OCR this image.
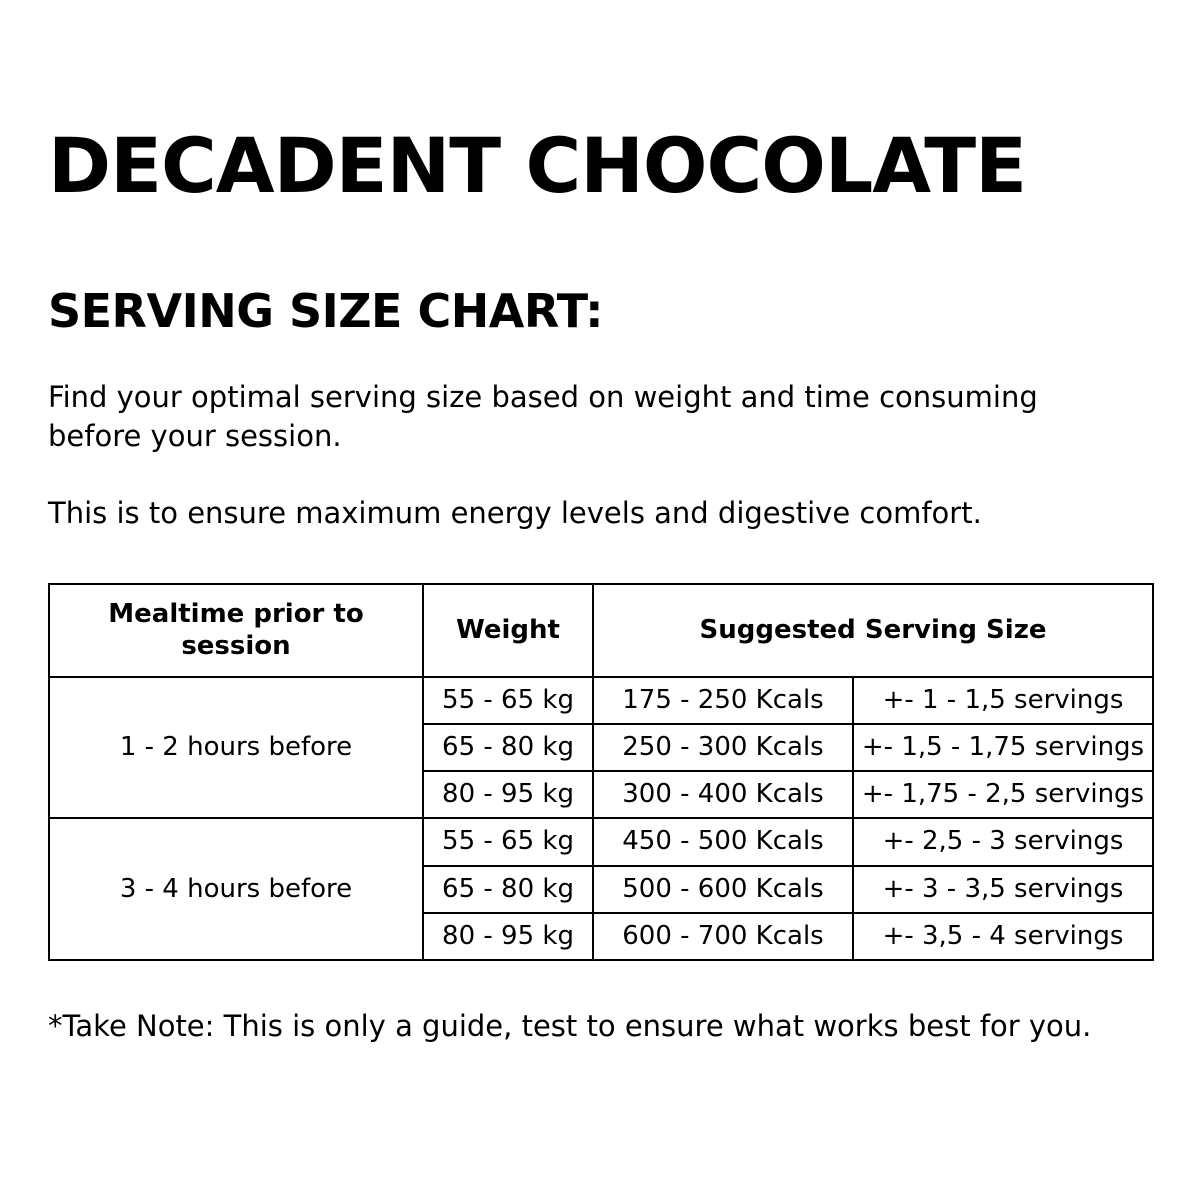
DECADENT CHOCOLATE
SERVING SIZE CHART:

Find your optimal serving size based on weight and time consuming before your session.

This is to ensure maximum energy levels and digestive comfort.

Mealtime prior to session	Weight	Suggested Serving Size	
1 - 2 hours before	55 - 65 kg	175 - 250 Kcals	+- 1 - 1,5 servings
	65 - 80 kg	250 - 300 Kcals	+- 1,5 - 1,75 servings
	80 - 95 kg	300 - 400 Kcals	+- 1,75 - 2,5 servings
3 - 4 hours before	55 - 65 kg	450 - 500 Kcals	+- 2,5 - 3 servings
	65 - 80 kg	500 - 600 Kcals	+- 3 - 3,5 servings
	80 - 95 kg	600 - 700 Kcals	+- 3,5 - 4 servings

*Take Note: This is only a guide, test to ensure what works best for you.
